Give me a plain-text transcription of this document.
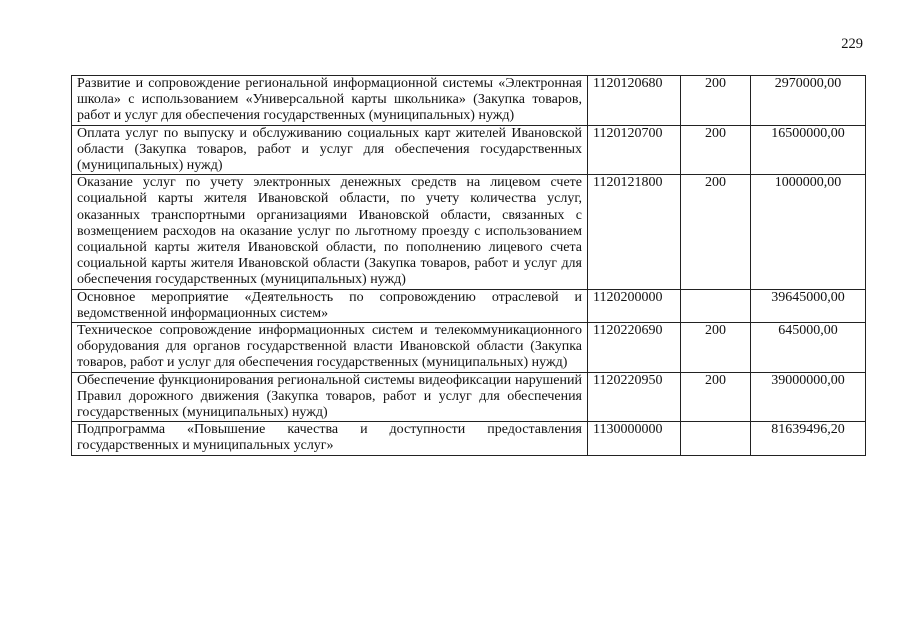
229
Развитие и сопровождение региональной информационной системы «Электронная школа» с использованием «Универсальной карты школьника» (Закупка товаров, работ и услуг для обеспечения государственных (муниципальных) нужд)	1120120680	200	2970000,00
Оплата услуг по выпуску и обслуживанию социальных карт жителей Ивановской области (Закупка товаров, работ и услуг для обеспечения государственных (муниципальных) нужд)	1120120700	200	16500000,00
Оказание услуг по учету электронных денежных средств на лицевом счете социальной карты жителя Ивановской области, по учету количества услуг, оказанных транспортными организациями Ивановской области, связанных с возмещением расходов на оказание услуг по льготному проезду с использованием социальной карты жителя Ивановской области, по пополнению лицевого счета социальной карты жителя Ивановской области (Закупка товаров, работ и услуг для обеспечения государственных (муниципальных) нужд)	1120121800	200	1000000,00
Основное мероприятие «Деятельность по сопровождению отраслевой и ведомственной информационных систем»	1120200000		39645000,00
Техническое сопровождение информационных систем и телекоммуникационного оборудования для органов государственной власти Ивановской области (Закупка товаров, работ и услуг для обеспечения государственных (муниципальных) нужд)	1120220690	200	645000,00
Обеспечение функционирования региональной системы видеофиксации нарушений Правил дорожного движения (Закупка товаров, работ и услуг для обеспечения государственных (муниципальных) нужд)	1120220950	200	39000000,00
Подпрограмма «Повышение качества и доступности предоставления государственных и муниципальных услуг»	1130000000		81639496,20
